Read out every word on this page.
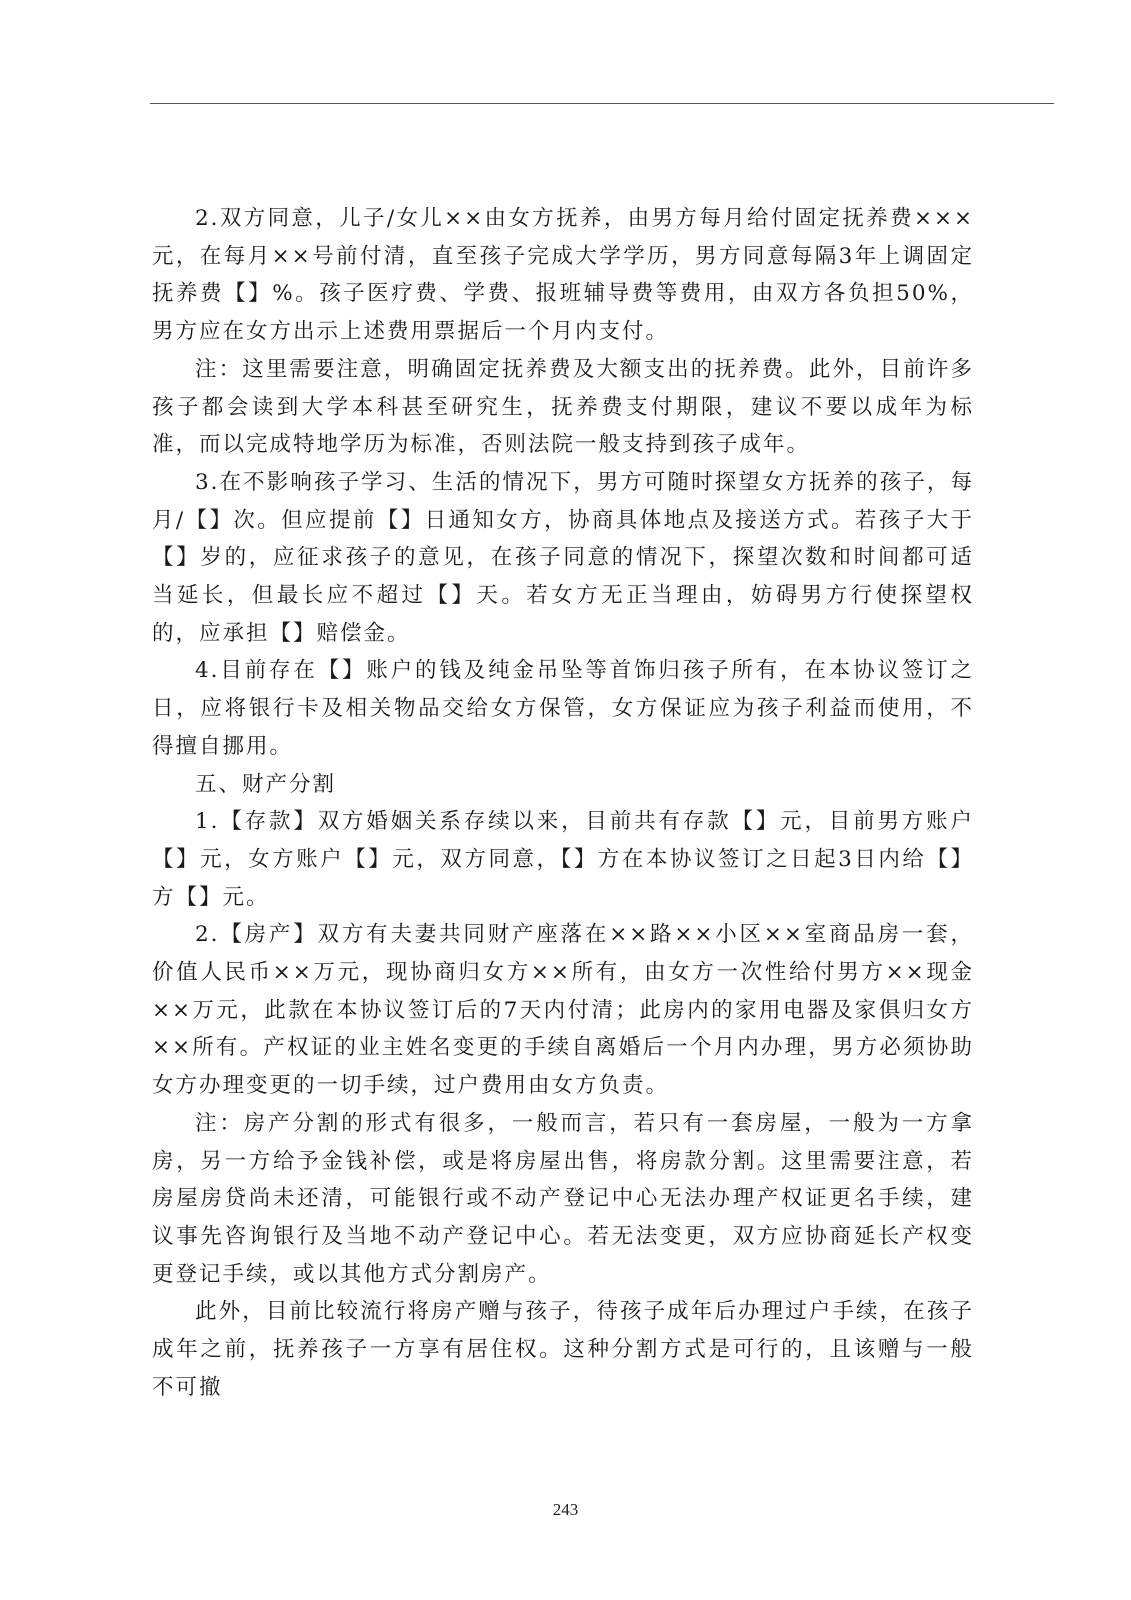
2.双方同意，儿子/女儿××由女方抚养，由男方每月给付固定抚养费×××元，在每月××号前付清，直至孩子完成大学学历，男方同意每隔3年上调固定抚养费【】%。孩子医疗费、学费、报班辅导费等费用，由双方各负担50%，男方应在女方出示上述费用票据后一个月内支付。

注：这里需要注意，明确固定抚养费及大额支出的抚养费。此外，目前许多孩子都会读到大学本科甚至研究生，抚养费支付期限，建议不要以成年为标准，而以完成特地学历为标准，否则法院一般支持到孩子成年。

3.在不影响孩子学习、生活的情况下，男方可随时探望女方抚养的孩子，每月/【】次。但应提前【】日通知女方，协商具体地点及接送方式。若孩子大于【】岁的，应征求孩子的意见，在孩子同意的情况下，探望次数和时间都可适当延长，但最长应不超过【】天。若女方无正当理由，妨碍男方行使探望权的，应承担【】赔偿金。

4.目前存在【】账户的钱及纯金吊坠等首饰归孩子所有，在本协议签订之日，应将银行卡及相关物品交给女方保管，女方保证应为孩子利益而使用，不得擅自挪用。

五、财产分割

1.【存款】双方婚姻关系存续以来，目前共有存款【】元，目前男方账户【】元，女方账户【】元，双方同意，【】方在本协议签订之日起3日内给【】方【】元。

2.【房产】双方有夫妻共同财产座落在××路××小区××室商品房一套，价值人民币××万元，现协商归女方××所有，由女方一次性给付男方××现金××万元，此款在本协议签订后的7天内付清；此房内的家用电器及家俱归女方××所有。产权证的业主姓名变更的手续自离婚后一个月内办理，男方必须协助女方办理变更的一切手续，过户费用由女方负责。

注：房产分割的形式有很多，一般而言，若只有一套房屋，一般为一方拿房，另一方给予金钱补偿，或是将房屋出售，将房款分割。这里需要注意，若房屋房贷尚未还清，可能银行或不动产登记中心无法办理产权证更名手续，建议事先咨询银行及当地不动产登记中心。若无法变更，双方应协商延长产权变更登记手续，或以其他方式分割房产。

此外，目前比较流行将房产赠与孩子，待孩子成年后办理过户手续，在孩子成年之前，抚养孩子一方享有居住权。这种分割方式是可行的，且该赠与一般不可撤

243
